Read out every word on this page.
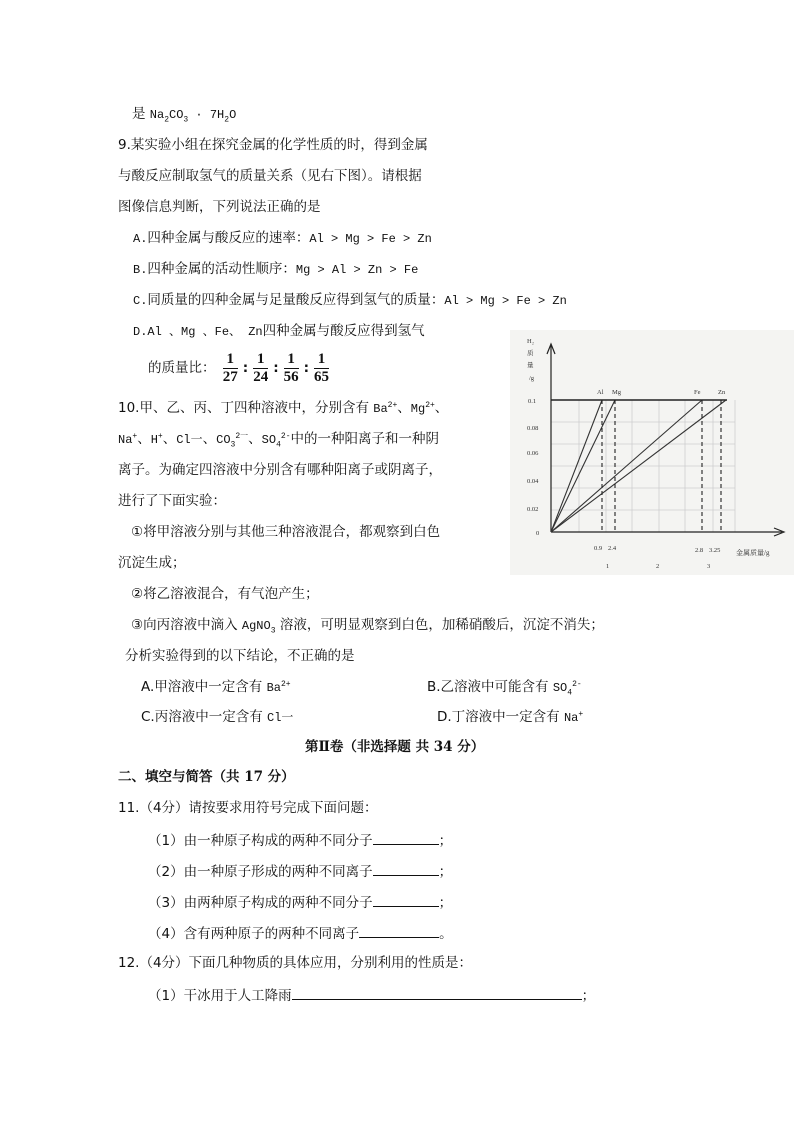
是 $Na_2CO_3 \cdot 7H_2O$
9.某实验小组在探究金属的化学性质的时，得到金属
与酸反应制取氢气的质量关系（见右下图）。请根据
图像信息判断，下列说法正确的是
A.四种金属与酸反应的速率：Al > Mg > Fe > Zn
B.四种金属的活动性顺序：Mg > Al > Zn > Fe
C.同质量的四种金属与足量酸反应得到氢气的质量：Al > Mg > Fe > Zn
D.Al 、Mg 、Fe、 Zn四种金属与酸反应得到氢气
的质量比： $\frac{1}{27}$ : $\frac{1}{24}$ : $\frac{1}{56}$ : $\frac{1}{65}$
10.甲、乙、丙、丁四种溶液中，分别含有 $Ba^{2+}$、$Mg^{2+}$、
Na+、H+、Cl一、$CO_3^{2一}$、$SO_4^{2-}$中的一种阳离子和一种阴
离子。为确定四溶液中分别含有哪种阳离子或阴离子，
进行了下面实验：
①将甲溶液分别与其他三种溶液混合，都观察到白色
沉淀生成；
②将乙溶液混合，有气泡产生；
③向丙溶液中滴入 AgNO$_3$ 溶液，可明显观察到白色，加稀硝酸后，沉淀不消失；
分析实验得到的以下结论，不正确的是
A.甲溶液中一定含有 $Ba^{2+}$	B.乙溶液中可能含有 $SO_4^{2-}$
C.丙溶液中一定含有 Cl一	D.丁溶液中一定含有 Na+
第Ⅱ卷（非选择题 共 34 分）
二、填空与简答（共 17 分）
11.（4分）请按要求用符号完成下面问题：
（1）由一种原子构成的两种不同分子	；
（2）由一种原子形成的两种不同离子	；
（3）由两种原子构成的两种不同分子	；
（4）含有两种原子的两种不同离子	。
12.（4分）下面几种物质的具体应用，分别利用的性质是：
（1）干冰用于人工降雨	；
H₂
质
量
/g
0.1
0.08
0.06
0.04
0.02
0
Al Mg	Fe	Zn
0.9 2.4	2.8 3.25 金属质量/g
1	2	3
